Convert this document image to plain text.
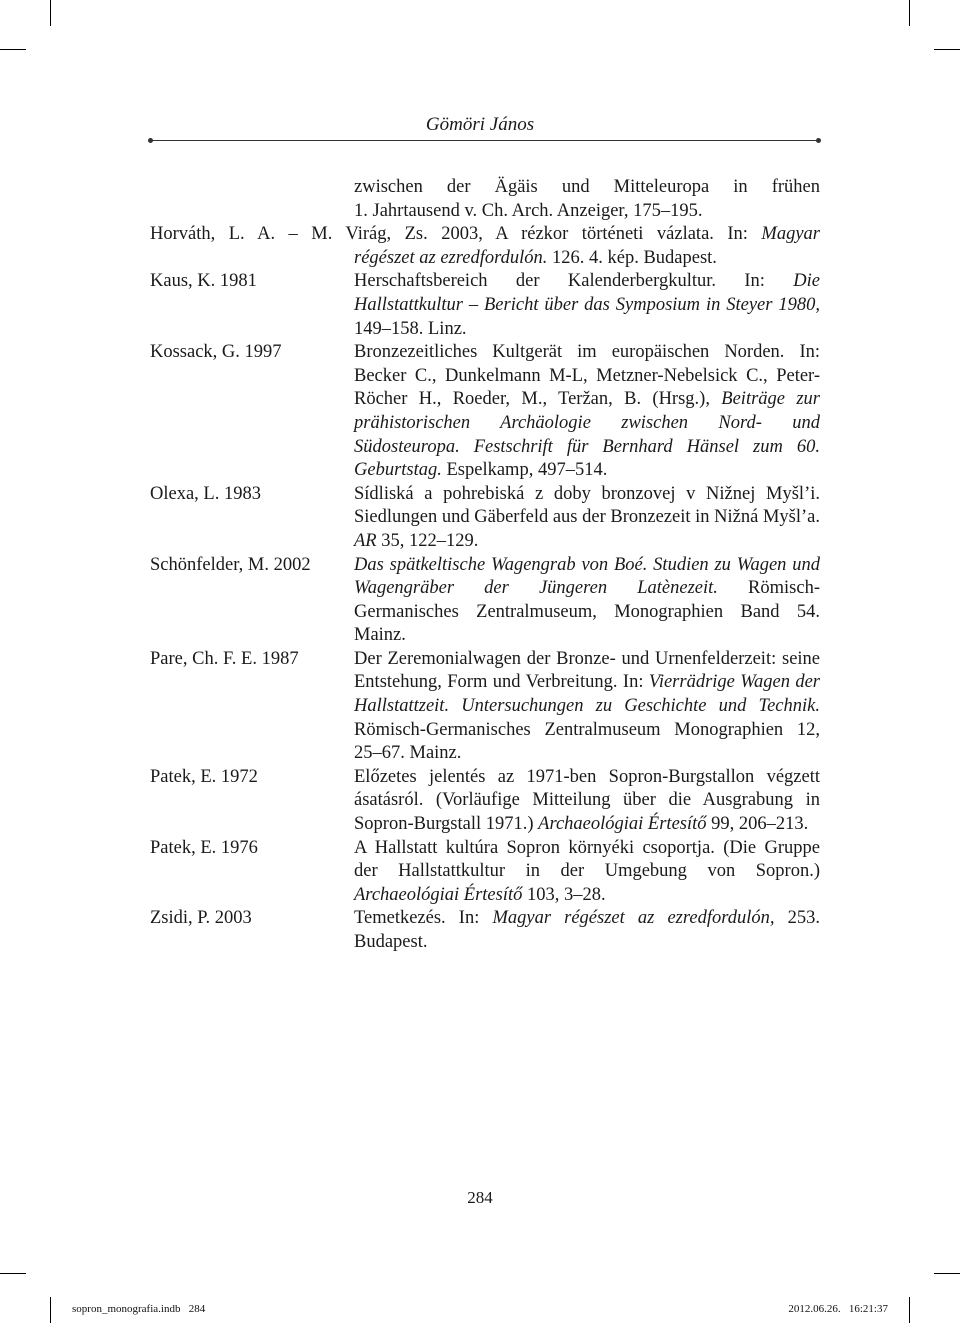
Gömöri János
zwischen der Ägäis und Mitteleuropa in frühen
1. Jahrtausend v. Ch. Arch. Anzeiger, 175–195.
Horváth, L. A. – M. Virág, Zs. 2003, A rézkor történeti vázlata. In: Magyar
régészet az ezredfordulón. 126. 4. kép. Budapest.
Kaus, K. 1981	Herschaftsbereich der Kalenderbergkultur. In: Die Hallstattkultur – Bericht über das Symposium in Steyer 1980, 149–158. Linz.
Kossack, G. 1997	Bronzezeitliches Kultgerät im europäischen Norden. In: Becker C., Dunkelmann M-L, Metzner-Nebelsick C., Peter-Röcher H., Roeder, M., Teržan, B. (Hrsg.), Beiträge zur prähistorischen Archäologie zwischen Nord- und Südosteuropa. Festschrift für Bernhard Hänsel zum 60. Geburtstag. Espelkamp, 497–514.
Olexa, L. 1983	Sídliská a pohrebiská z doby bronzovej v Nižnej Myšl’i. Siedlungen und Gäberfeld aus der Bronzezeit in Nižná Myšl’a. AR 35, 122–129.
Schönfelder, M. 2002 Das spätkeltische Wagengrab von Boé. Studien zu Wagen und Wagengräber der Jüngeren Latènezeit. Römisch-Germanisches Zentralmuseum, Monographien Band 54. Mainz.
Pare, Ch. F. E. 1987	Der Zeremonialwagen der Bronze- und Urnenfelderzeit: seine Entstehung, Form und Verbreitung. In: Vierrädrige Wagen der Hallstattzeit. Untersuchungen zu Geschichte und Technik. Römisch-Germanisches Zentralmuseum Monographien 12, 25–67. Mainz.
Patek, E. 1972	Előzetes jelentés az 1971-ben Sopron-Burgstallon végzett ásatásról. (Vorläufige Mitteilung über die Ausgrabung in Sopron-Burgstall 1971.) Archaeológiai Értesítő 99, 206–213.
Patek, E. 1976	A Hallstatt kultúra Sopron környéki csoportja. (Die Gruppe der Hallstattkultur in der Umgebung von Sopron.) Archaeológiai Értesítő 103, 3–28.
Zsidi, P. 2003	Temetkezés. In: Magyar régészet az ezredfordulón, 253. Budapest.
284
sopron_monografia.indb   284	2012.06.26.   16:21:37
